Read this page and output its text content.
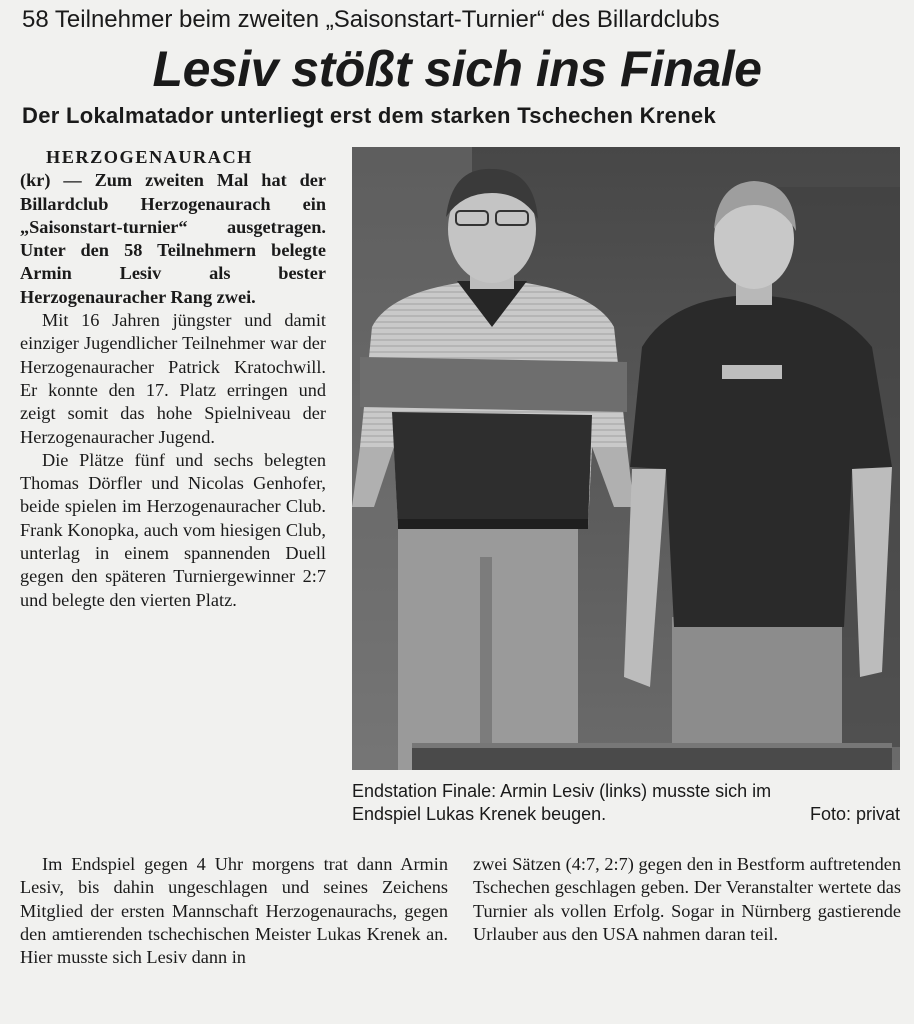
58 Teilnehmer beim zweiten „Saisonstart-Turnier“ des Billardclubs
Lesiv stößt sich ins Finale
Der Lokalmatador unterliegt erst dem starken Tschechen Krenek

HERZOGENAURACH
(kr) — Zum zweiten Mal hat der Billardclub Herzogenaurach ein „Saisonstart-turnier“ ausgetragen. Unter den 58 Teilnehmern belegte Armin Lesiv als bester Herzogenauracher Rang zwei.

Mit 16 Jahren jüngster und damit einziger Jugendlicher Teilnehmer war der Herzogenauracher Patrick Kratochwill. Er konnte den 17. Platz erringen und zeigt somit das hohe Spielniveau der Herzogenauracher Jugend.

Die Plätze fünf und sechs belegten Thomas Dörfler und Nicolas Genhofer, beide spielen im Herzogenauracher Club. Frank Konopka, auch vom hiesigen Club, unterlag in einem spannenden Duell gegen den späteren Turniergewinner 2:7 und belegte den vierten Platz.

Endstation Finale: Armin Lesiv (links) musste sich im
Endspiel Lukas Krenek beugen.	Foto: privat

Im Endspiel gegen 4 Uhr morgens trat dann Armin Lesiv, bis dahin ungeschlagen und seines Zeichens Mitglied der ersten Mannschaft Herzogenaurachs, gegen den amtierenden tschechischen Meister Lukas Krenek an. Hier musste sich Lesiv dann in

zwei Sätzen (4:7, 2:7) gegen den in Bestform auftretenden Tschechen geschlagen geben. Der Veranstalter wertete das Turnier als vollen Erfolg. Sogar in Nürnberg gastierende Urlauber aus den USA nahmen daran teil.
